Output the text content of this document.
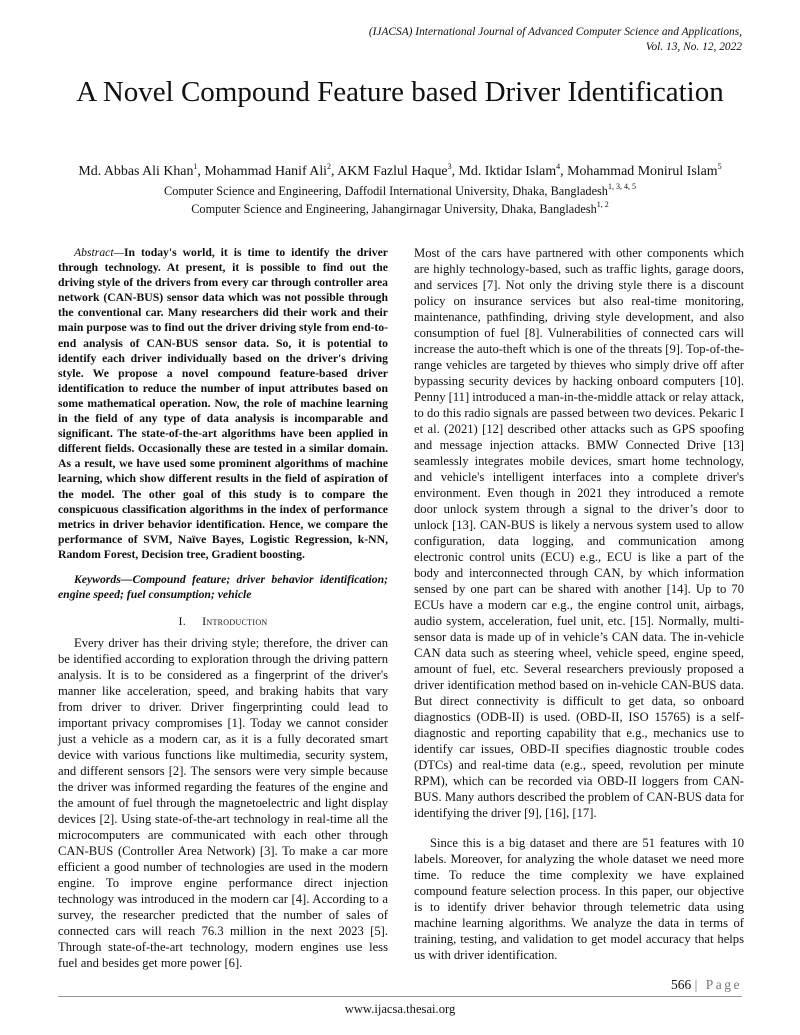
(IJACSA) International Journal of Advanced Computer Science and Applications,
Vol. 13, No. 12, 2022
A Novel Compound Feature based Driver Identification
Md. Abbas Ali Khan$^1$, Mohammad Hanif Ali$^2$, AKM Fazlul Haque$^3$, Md. Iktidar Islam$^4$, Mohammad Monirul Islam$^5$
Computer Science and Engineering, Daffodil International University, Dhaka, Bangladesh$^{1, 3, 4, 5}$
Computer Science and Engineering, Jahangirnagar University, Dhaka, Bangladesh$^{1, 2}$

Abstract—In today's world, it is time to identify the driver through technology. At present, it is possible to find out the driving style of the drivers from every car through controller area network (CAN-BUS) sensor data which was not possible through the conventional car. Many researchers did their work and their main purpose was to find out the driver driving style from end-to-end analysis of CAN-BUS sensor data. So, it is potential to identify each driver individually based on the driver's driving style. We propose a novel compound feature-based driver identification to reduce the number of input attributes based on some mathematical operation. Now, the role of machine learning in the field of any type of data analysis is incomparable and significant. The state-of-the-art algorithms have been applied in different fields. Occasionally these are tested in a similar domain. As a result, we have used some prominent algorithms of machine learning, which show different results in the field of aspiration of the model. The other goal of this study is to compare the conspicuous classification algorithms in the index of performance metrics in driver behavior identification. Hence, we compare the performance of SVM, Naïve Bayes, Logistic Regression, k-NN, Random Forest, Decision tree, Gradient boosting.

Keywords—Compound feature; driver behavior identification; engine speed; fuel consumption; vehicle

I. Introduction

Every driver has their driving style; therefore, the driver can be identified according to exploration through the driving pattern analysis. It is to be considered as a fingerprint of the driver's manner like acceleration, speed, and braking habits that vary from driver to driver. Driver fingerprinting could lead to important privacy compromises [1]. Today we cannot consider just a vehicle as a modern car, as it is a fully decorated smart device with various functions like multimedia, security system, and different sensors [2]. The sensors were very simple because the driver was informed regarding the features of the engine and the amount of fuel through the magnetoelectric and light display devices [2]. Using state-of-the-art technology in real-time all the microcomputers are communicated with each other through CAN-BUS (Controller Area Network) [3]. To make a car more efficient a good number of technologies are used in the modern engine. To improve engine performance direct injection technology was introduced in the modern car [4]. According to a survey, the researcher predicted that the number of sales of connected cars will reach 76.3 million in the next 2023 [5]. Through state-of-the-art technology, modern engines use less fuel and besides get more power [6].

Most of the cars have partnered with other components which are highly technology-based, such as traffic lights, garage doors, and services [7]. Not only the driving style there is a discount policy on insurance services but also real-time monitoring, maintenance, pathfinding, driving style development, and also consumption of fuel [8]. Vulnerabilities of connected cars will increase the auto-theft which is one of the threats [9]. Top-of-the-range vehicles are targeted by thieves who simply drive off after bypassing security devices by hacking onboard computers [10]. Penny [11] introduced a man-in-the-middle attack or relay attack, to do this radio signals are passed between two devices. Pekaric I et al. (2021) [12] described other attacks such as GPS spoofing and message injection attacks. BMW Connected Drive [13] seamlessly integrates mobile devices, smart home technology, and vehicle's intelligent interfaces into a complete driver's environment. Even though in 2021 they introduced a remote door unlock system through a signal to the driver’s door to unlock [13]. CAN-BUS is likely a nervous system used to allow configuration, data logging, and communication among electronic control units (ECU) e.g., ECU is like a part of the body and interconnected through CAN, by which information sensed by one part can be shared with another [14]. Up to 70 ECUs have a modern car e.g., the engine control unit, airbags, audio system, acceleration, fuel unit, etc. [15]. Normally, multi-sensor data is made up of in vehicle’s CAN data. The in-vehicle CAN data such as steering wheel, vehicle speed, engine speed, amount of fuel, etc. Several researchers previously proposed a driver identification method based on in-vehicle CAN-BUS data. But direct connectivity is difficult to get data, so onboard diagnostics (ODB-II) is used. (OBD-II, ISO 15765) is a self-diagnostic and reporting capability that e.g., mechanics use to identify car issues, OBD-II specifies diagnostic trouble codes (DTCs) and real-time data (e.g., speed, revolution per minute RPM), which can be recorded via OBD-II loggers from CAN-BUS. Many authors described the problem of CAN-BUS data for identifying the driver [9], [16], [17].

Since this is a big dataset and there are 51 features with 10 labels. Moreover, for analyzing the whole dataset we need more time. To reduce the time complexity we have explained compound feature selection process. In this paper, our objective is to identify driver behavior through telemetric data using machine learning algorithms. We analyze the data in terms of training, testing, and validation to get model accuracy that helps us with driver identification.

566 | Page
www.ijacsa.thesai.org
